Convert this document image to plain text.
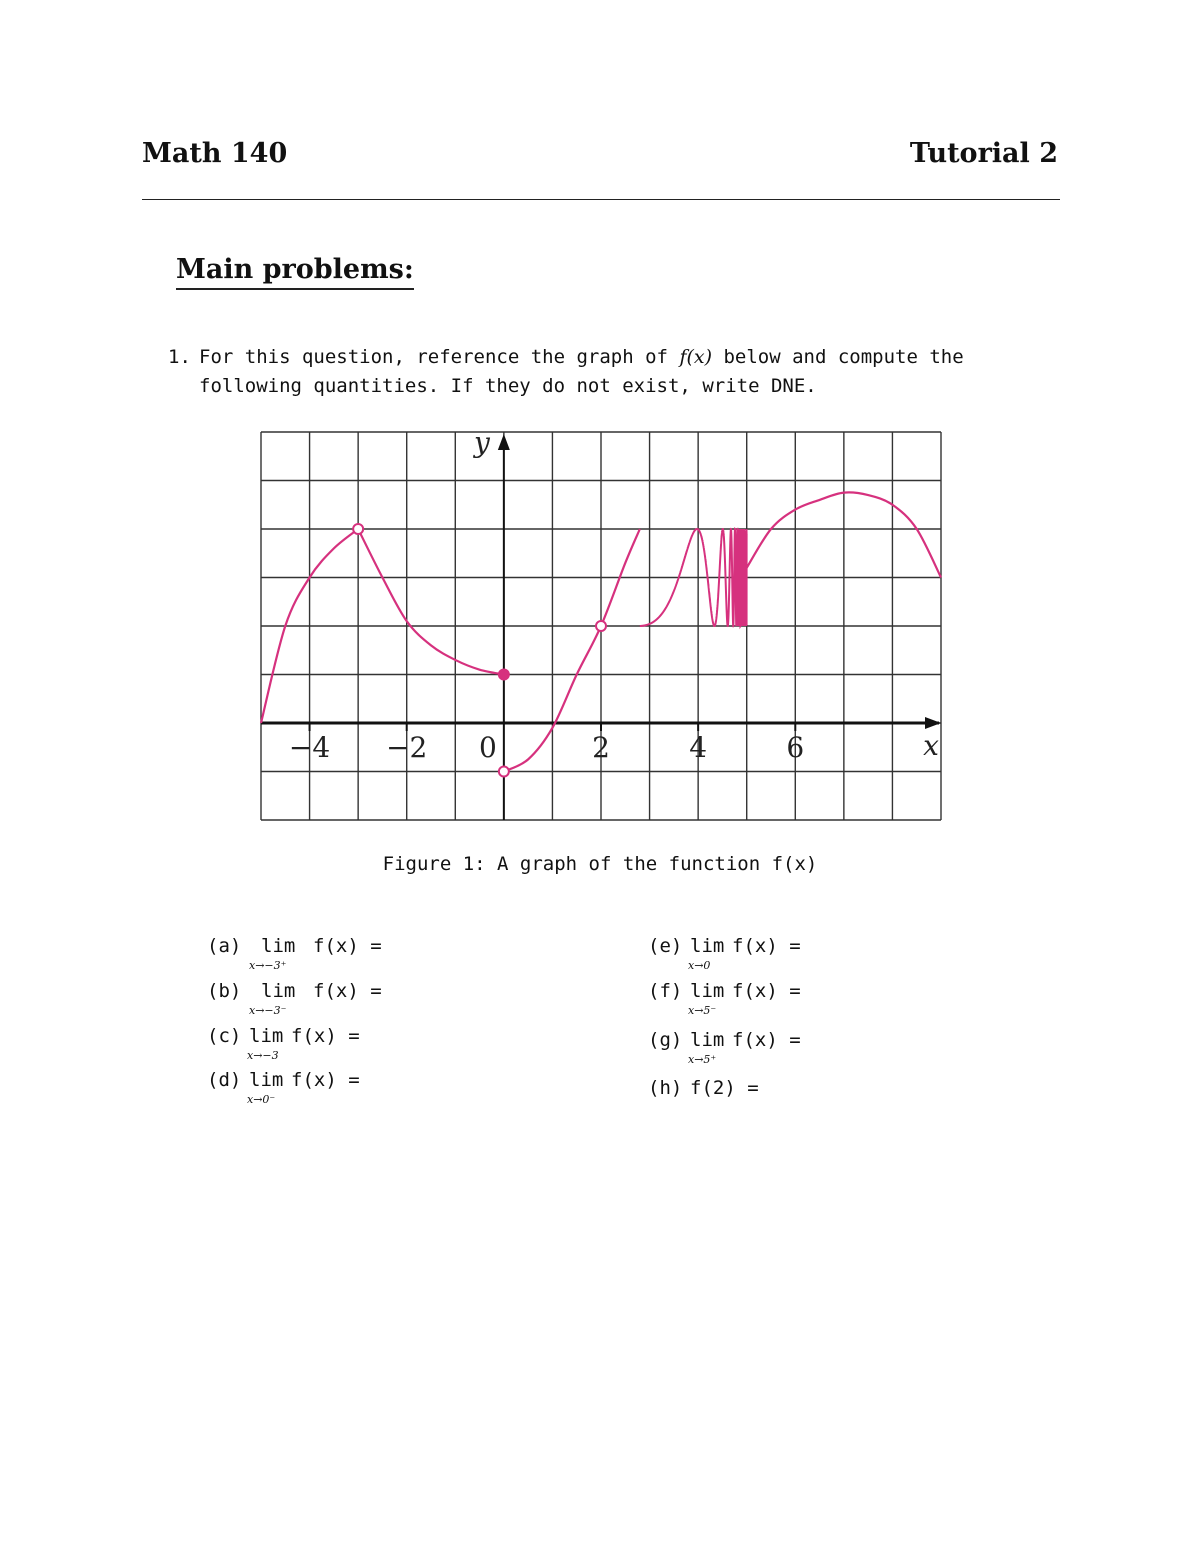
Math 140	Tutorial 2
Main problems:
1. For this question, reference the graph of f(x) below and compute the following quantities. If they do not exist, write DNE.
−4 −2 0	2	4	6	x
y
Figure 1: A graph of the function f(x)
(a) lim
x→−3⁺
f(x) =
(b) lim
x→−3⁻
f(x) =
(c) lim
x→−3
f(x) =
(d) lim
x→0⁻
f(x) =
(e) lim
x→0
f(x) =
(f) lim
x→5⁻
f(x) =
(g) lim
x→5⁺
f(x) =
(h) f(2) =
